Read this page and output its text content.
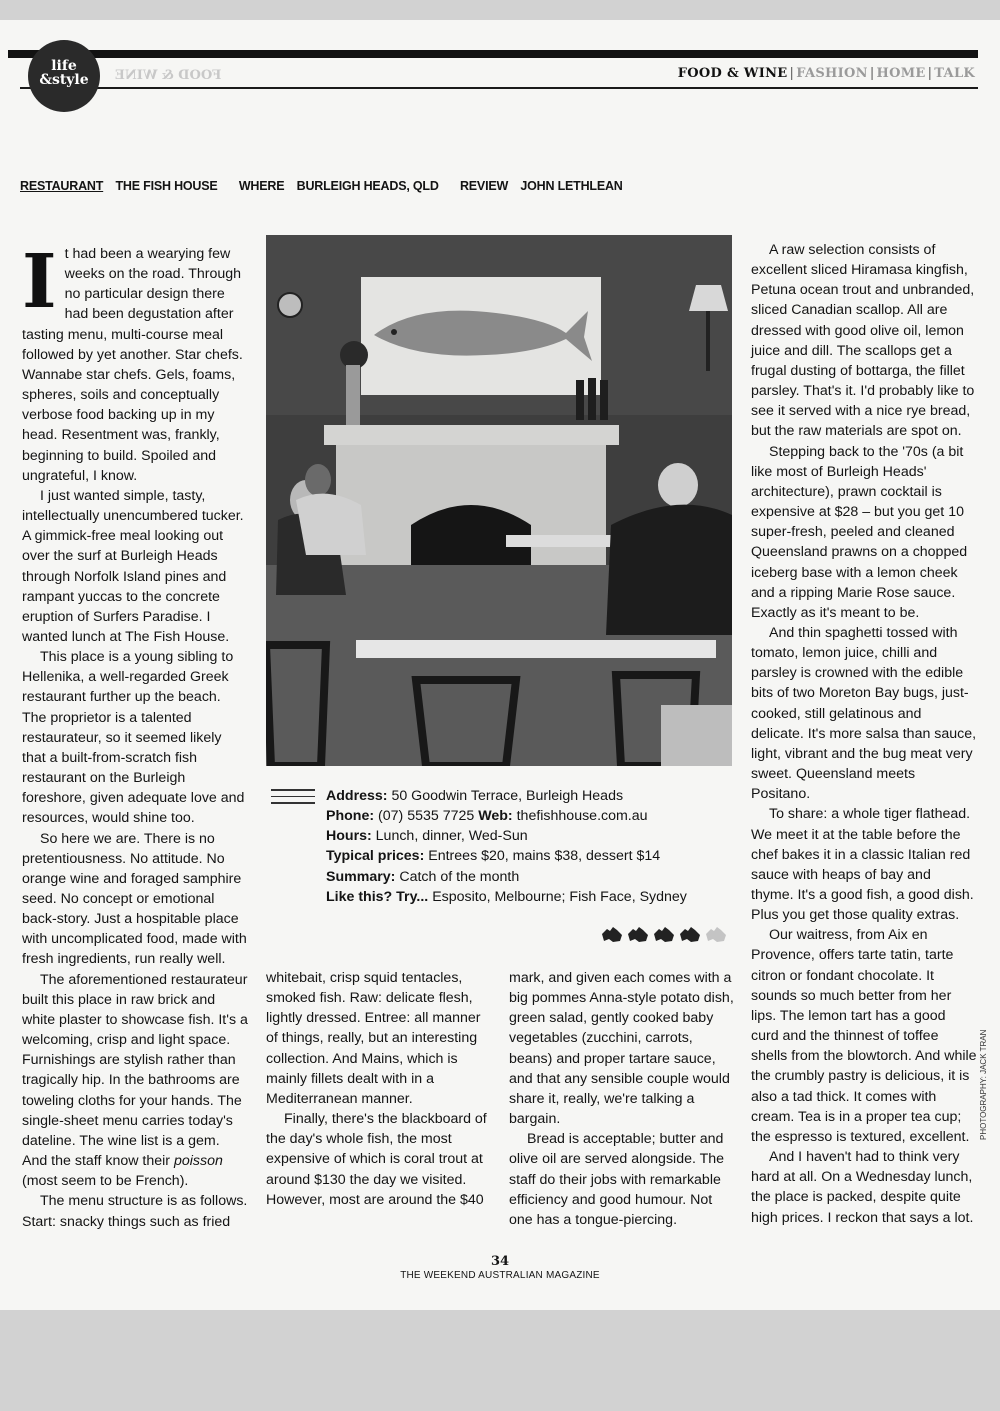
FOOD & WINE
life
&style	FOOD & WINE | FASHION | HOME | TALK
RESTAURANT THE FISH HOUSE WHERE BURLEIGH HEADS, QLD REVIEW JOHN LETHLEAN

It had been a wearying few weeks on the road. Through no particular design there had been degustation after tasting menu, multi-course meal followed by yet another. Star chefs. Wannabe star chefs. Gels, foams, spheres, soils and conceptually verbose food backing up in my head. Resentment was, frankly, beginning to build. Spoiled and ungrateful, I know.

I just wanted simple, tasty, intellectually unencumbered tucker. A gimmick-free meal looking out over the surf at Burleigh Heads through Norfolk Island pines and rampant yuccas to the concrete eruption of Surfers Paradise. I wanted lunch at The Fish House.

This place is a young sibling to Hellenika, a well-regarded Greek restaurant further up the beach. The proprietor is a talented restaurateur, so it seemed likely that a built-from-scratch fish restaurant on the Burleigh foreshore, given adequate love and resources, would shine too.

So here we are. There is no pretentiousness. No attitude. No orange wine and foraged samphire seed. No concept or emotional back-story. Just a hospitable place with uncomplicated food, made with fresh ingredients, run really well.

The aforementioned restaurateur built this place in raw brick and white plaster to showcase fish. It's a welcoming, crisp and light space. Furnishings are stylish rather than tragically hip. In the bathrooms are toweling cloths for your hands. The single-sheet menu carries today's dateline. The wine list is a gem. And the staff know their poisson (most seem to be French).

The menu structure is as follows. Start: snacky things such as fried

Address: 50 Goodwin Terrace, Burleigh Heads
Phone: (07) 5535 7725 Web: thefishhouse.com.au
Hours: Lunch, dinner, Wed-Sun
Typical prices: Entrees $20, mains $38, dessert $14
Summary: Catch of the month
Like this? Try... Esposito, Melbourne; Fish Face, Sydney

whitebait, crisp squid tentacles, smoked fish. Raw: delicate flesh, lightly dressed. Entree: all manner of things, really, but an interesting collection. And Mains, which is mainly fillets dealt with in a Mediterranean manner.

Finally, there's the blackboard of the day's whole fish, the most expensive of which is coral trout at around $130 the day we visited. However, most are around the $40

mark, and given each comes with a big pommes Anna-style potato dish, green salad, gently cooked baby vegetables (zucchini, carrots, beans) and proper tartare sauce, and that any sensible couple would share it, really, we're talking a bargain.

Bread is acceptable; butter and olive oil are served alongside. The staff do their jobs with remarkable efficiency and good humour. Not one has a tongue-piercing.

A raw selection consists of excellent sliced Hiramasa kingfish, Petuna ocean trout and unbranded, sliced Canadian scallop. All are dressed with good olive oil, lemon juice and dill. The scallops get a frugal dusting of bottarga, the fillet parsley. That's it. I'd probably like to see it served with a nice rye bread, but the raw materials are spot on.

Stepping back to the '70s (a bit like most of Burleigh Heads' architecture), prawn cocktail is expensive at $28 – but you get 10 super-fresh, peeled and cleaned Queensland prawns on a chopped iceberg base with a lemon cheek and a ripping Marie Rose sauce. Exactly as it's meant to be.

And thin spaghetti tossed with tomato, lemon juice, chilli and parsley is crowned with the edible bits of two Moreton Bay bugs, just-cooked, still gelatinous and delicate. It's more salsa than sauce, light, vibrant and the bug meat very sweet. Queensland meets Positano.

To share: a whole tiger flathead. We meet it at the table before the chef bakes it in a classic Italian red sauce with heaps of bay and thyme. It's a good fish, a good dish. Plus you get those quality extras.

Our waitress, from Aix en Provence, offers tarte tatin, tarte citron or fondant chocolate. It sounds so much better from her lips. The lemon tart has a good curd and the thinnest of toffee shells from the blowtorch. And while the crumbly pastry is delicious, it is also a tad thick. It comes with cream. Tea is in a proper tea cup; the espresso is textured, excellent.

And I haven't had to think very hard at all. On a Wednesday lunch, the place is packed, despite quite high prices. I reckon that says a lot.

34
THE WEEKEND AUSTRALIAN MAGAZINE
PHOTOGRAPHY: JACK TRAN
